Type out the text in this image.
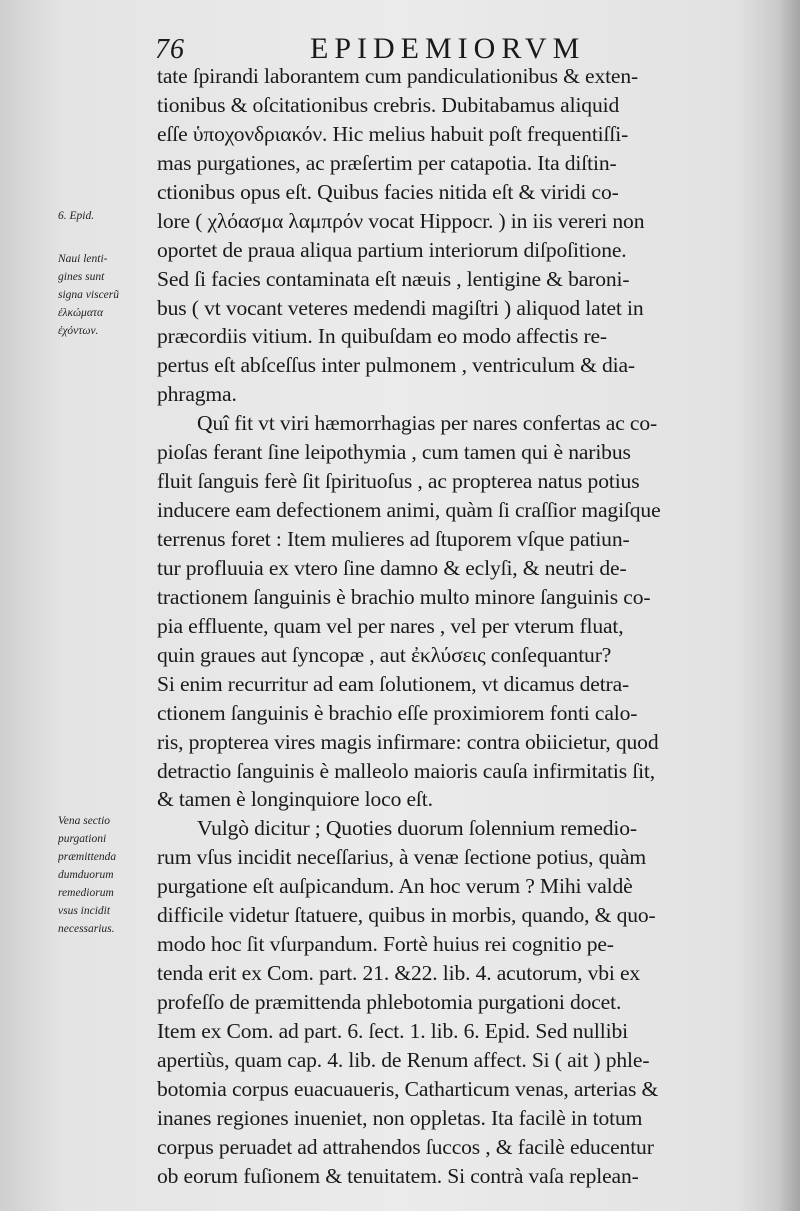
76	EPIDEMIORVM
6. Epid.
Naui lenti-
gines sunt
signa viscerũ
ἐλκώματα
ἐχόντων.
Vena sectio
purgationi
præmittenda
dumduorum
remediorum
vsus incidit
necessarius.
tate ſpirandi laborantem cum pandiculationibus & exten-
tionibus & oſcitationibus crebris. Dubitabamus aliquid
eſſe ὑποχονδριακόν. Hic melius habuit poſt frequentiſſi-
mas purgationes, ac præſertim per catapotia. Ita diſtin-
ctionibus opus eſt. Quibus facies nitida eſt & viridi co-
lore ( χλόασμα λαμπρόν vocat Hippocr. ) in iis vereri non
oportet de praua aliqua partium interiorum diſpoſitione.
Sed ſi facies contaminata eſt næuis , lentigine & baroni-
bus ( vt vocant veteres medendi magiſtri ) aliquod latet in
præcordiis vitium. In quibuſdam eo modo affectis re-
pertus eſt abſceſſus inter pulmonem , ventriculum & dia-
phragma.
Quî fit vt viri hæmorrhagias per nares confertas ac co-
pioſas ferant ſine leipothymia , cum tamen qui è naribus
fluit ſanguis ferè ſit ſpirituoſus , ac propterea natus potius
inducere eam defectionem animi, quàm ſi craſſior magiſque
terrenus foret : Item mulieres ad ſtuporem vſque patiun-
tur profluuia ex vtero ſine damno & eclyſi, & neutri de-
tractionem ſanguinis è brachio multo minore ſanguinis co-
pia effluente, quam vel per nares , vel per vterum fluat,
quin graues aut ſyncopæ , aut ἐκλύσεις conſequantur?
Si enim recurritur ad eam ſolutionem, vt dicamus detra-
ctionem ſanguinis è brachio eſſe proximiorem fonti calo-
ris, propterea vires magis infirmare: contra obiicietur, quod
detractio ſanguinis è malleolo maioris cauſa infirmitatis ſit,
& tamen è longinquiore loco eſt.
Vulgò dicitur ; Quoties duorum ſolennium remedio-
rum vſus incidit neceſſarius, à venæ ſectione potius, quàm
purgatione eſt auſpicandum. An hoc verum ? Mihi valdè
difficile videtur ſtatuere, quibus in morbis, quando, & quo-
modo hoc ſit vſurpandum. Fortè huius rei cognitio pe-
tenda erit ex Com. part. 21. &22. lib. 4. acutorum, vbi ex
profeſſo de præmittenda phlebotomia purgationi docet.
Item ex Com. ad part. 6. ſect. 1. lib. 6. Epid. Sed nullibi
apertiùs, quam cap. 4. lib. de Renum affect. Si ( ait ) phle-
botomia corpus euacuaueris, Catharticum venas, arterias &
inanes regiones inueniet, non oppletas. Ita facilè in totum
corpus peruadet ad attrahendos ſuccos , & facilè educentur
ob eorum fuſionem & tenuitatem. Si contrà vaſa replean-
